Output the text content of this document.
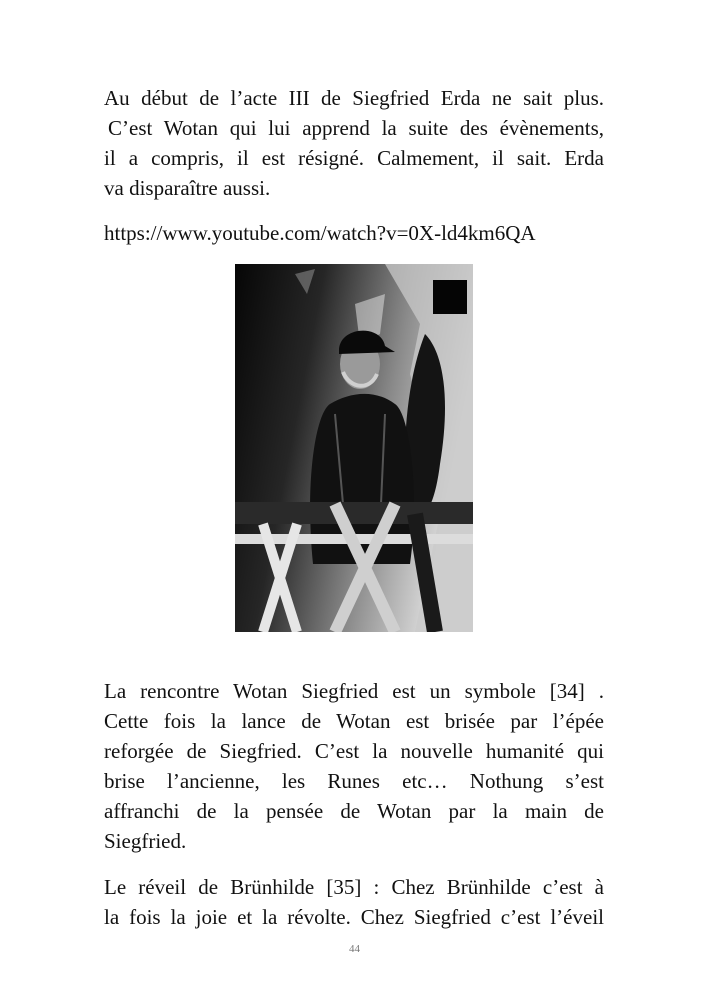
Au début de l’acte III de Siegfried Erda ne sait plus.
C’est Wotan qui lui apprend la suite des évènements,
il a compris, il est résigné. Calmement, il sait. Erda
va disparaître aussi.
https://www.youtube.com/watch?v=0X-ld4km6QA
La rencontre Wotan Siegfried est un symbole [34] .
Cette fois la lance de Wotan est brisée par l’épée
reforgée de Siegfried. C’est la nouvelle humanité qui
brise l’ancienne, les Runes etc… Nothung s’est
affranchi de la pensée de Wotan par la main de
Siegfried.
Le réveil de Brünhilde [35] : Chez Brünhilde c’est à
la fois la joie et la révolte. Chez Siegfried c’est l’éveil
44
